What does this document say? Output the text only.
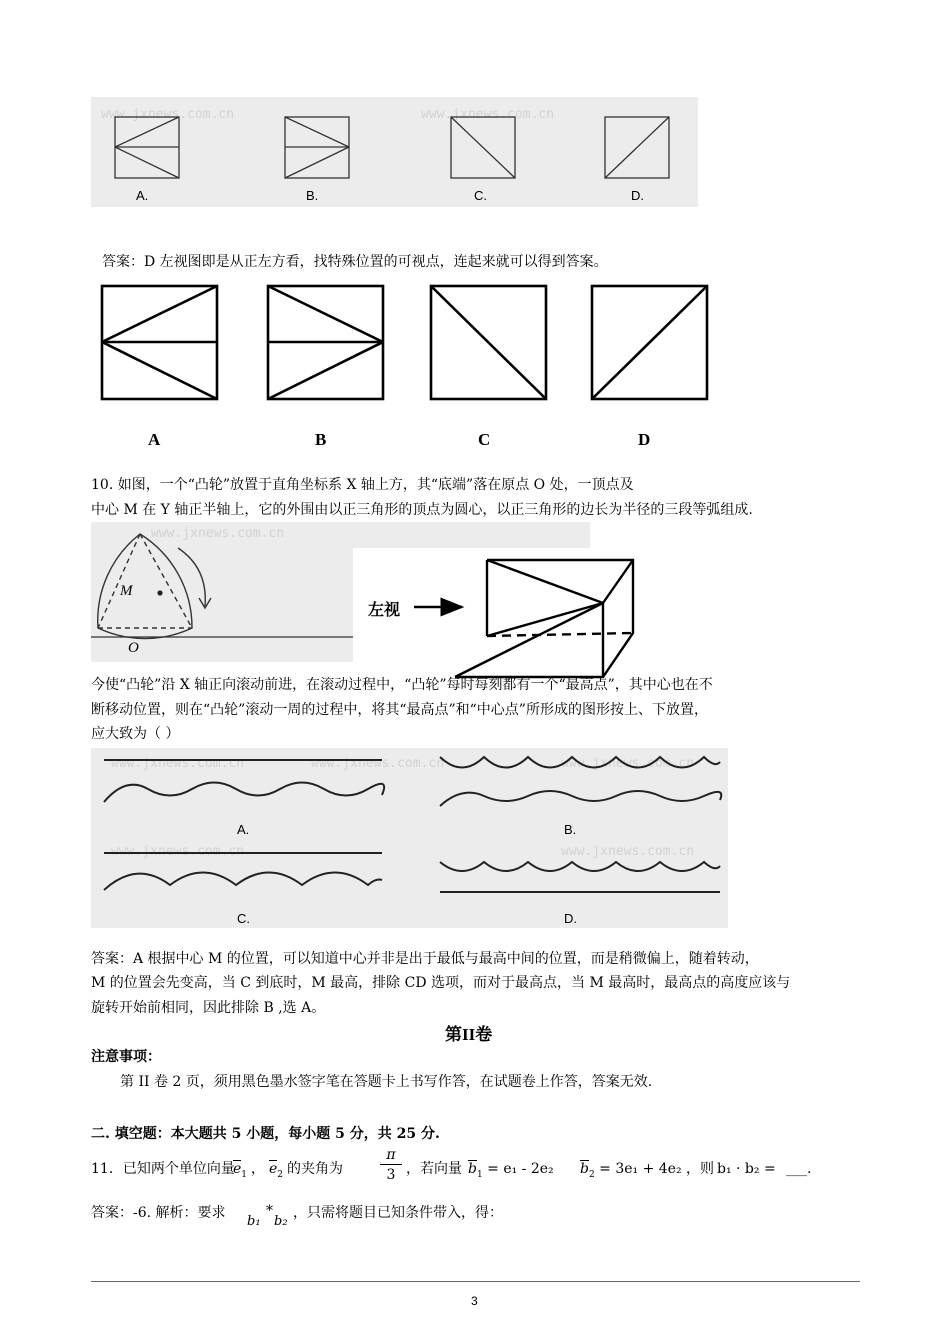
www.jxnews.com.cn	www.jxnews.com.cn
A.	B.	C.	D.
答案：D 左视图即是从正左方看，找特殊位置的可视点，连起来就可以得到答案。
A	B	C	D
10. 如图，一个“凸轮”放置于直角坐标系 X 轴上方，其“底端”落在原点 O 处，一顶点及
中心 M 在 Y 轴正半轴上，它的外围由以正三角形的顶点为圆心，以正三角形的边长为半径的三段等弧组成.
www.jxnews.com.cn
M
O
左视
今使“凸轮”沿 X 轴正向滚动前进，在滚动过程中，“凸轮”每时每刻都有一个“最高点”，其中心也在不
断移动位置，则在“凸轮”滚动一周的过程中，将其“最高点”和“中心点”所形成的图形按上、下放置，
应大致为（ ）
www.jxnews.com.cn	www.jxnews.com.cn	www.jxnews.com.cn
www.jxnews.com.cn	www.jxnews.com.cn
A.	B.
C.	D.
答案：A 根据中心 M 的位置，可以知道中心并非是出于最低与最高中间的位置，而是稍微偏上，随着转动，
M 的位置会先变高，当 C 到底时，M 最高，排除 CD 选项，而对于最高点，当 M 最高时，最高点的高度应该与
旋转开始前相同，因此排除 B ,选 A。
第II卷
注意事项：
第 II 卷 2 页，须用黑色墨水签字笔在答题卡上书写作答，在试题卷上作答，答案无效.
二. 填空题：本大题共 5 小题，每小题 5 分，共 25 分.
11．已知两个单位向量
$e_1$ ， $e_2$ 的夹角为	$\frac{\pi}{3}$ ，若向量 $b_1 = e_1 - 2e_2$ $b_2 = 3e_1 + 4e_2$ ，则 b₁ · b₂ = ___.
答案：-6. 解析：要求
b₁
*
b₂
，只需将题目已知条件带入，得：
3
